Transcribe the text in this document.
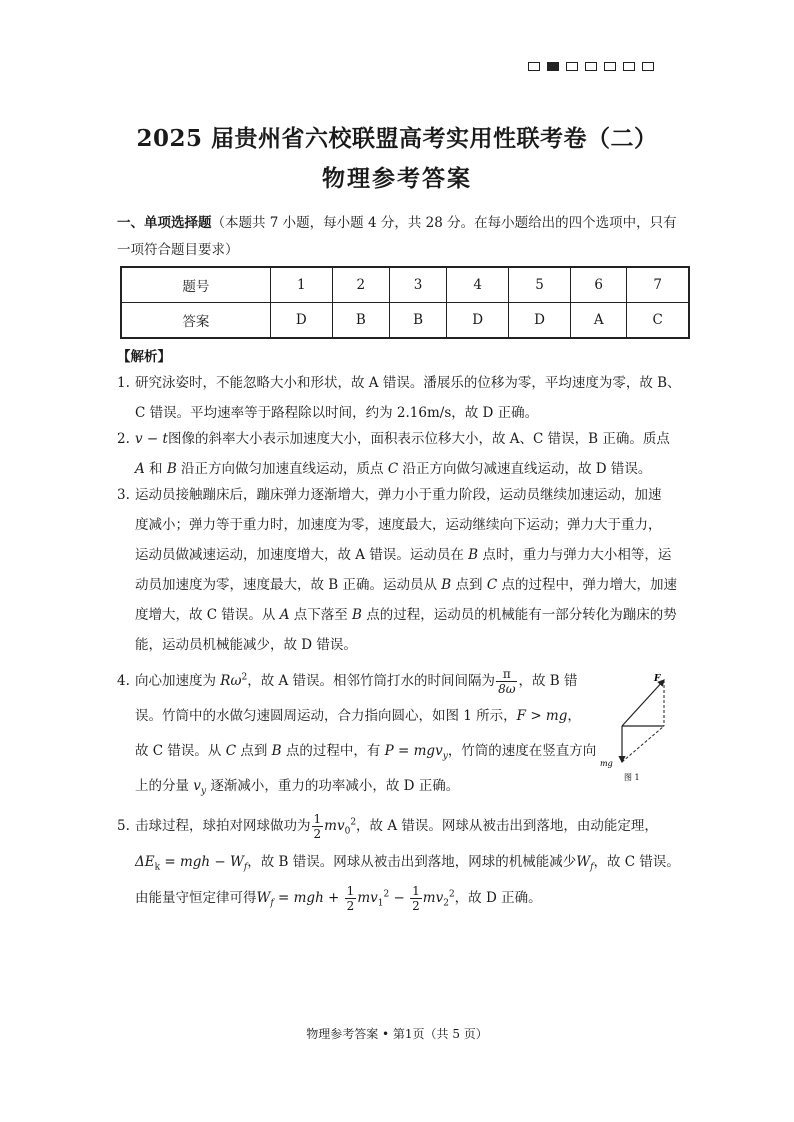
2025 届贵州省六校联盟高考实用性联考卷（二）
物理参考答案
一、单项选择题（本题共 7 小题，每小题 4 分，共 28 分。在每小题给出的四个选项中，只有
一项符合题目要求）
题号	1	2	3	4	5	6	7
答案	D	B	B	D	D	A	C
【解析】
1. 研究泳姿时，不能忽略大小和形状，故 A 错误。潘展乐的位移为零，平均速度为零，故 B、
C 错误。平均速率等于路程除以时间，约为 2.16m/s，故 D 正确。
2. v − t图像的斜率大小表示加速度大小，面积表示位移大小，故 A、C 错误，B 正确。质点
A 和 B 沿正方向做匀加速直线运动，质点 C 沿正方向做匀减速直线运动，故 D 错误。
3. 运动员接触蹦床后，蹦床弹力逐渐增大，弹力小于重力阶段，运动员继续加速运动，加速
度减小；弹力等于重力时，加速度为零，速度最大，运动继续向下运动；弹力大于重力，
运动员做减速运动，加速度增大，故 A 错误。运动员在 B 点时，重力与弹力大小相等，运
动员加速度为零，速度最大，故 B 正确。运动员从 B 点到 C 点的过程中，弹力增大，加速
度增大，故 C 错误。从 A 点下落至 B 点的过程，运动员的机械能有一部分转化为蹦床的势
能，运动员机械能减少，故 D 错误。
4. 向心加速度为 $R\omega^2$，故 A 错误。相邻竹筒打水的时间间隔为 $\frac{\pi}{8\omega}$ ，故 B 错
误。竹筒中的水做匀速圆周运动，合力指向圆心，如图 1 所示，F > mg，
故 C 错误。从 C 点到 B 点的过程中，有 P = mgv$_y$，竹筒的速度在竖直方向
上的分量 $v_y$ 逐渐减小，重力的功率减小，故 D 正确。
F
mg
图 1
5. 击球过程，球拍对网球做功为 $\frac{1}{2} mv_0^2$，故 A 错误。网球从被击出到落地，由动能定理，
$\Delta E_k$ = mgh − $W_f$，故 B 错误。网球从被击出到落地，网球的机械能减少$W_f$，故 C 错误。
由能量守恒定律可得$W_f$ = mgh + $\frac{1}{2} mv_1^2 - \frac{1}{2} mv_2^2$，故 D 正确。
物理参考答案 • 第1页（共 5 页）
